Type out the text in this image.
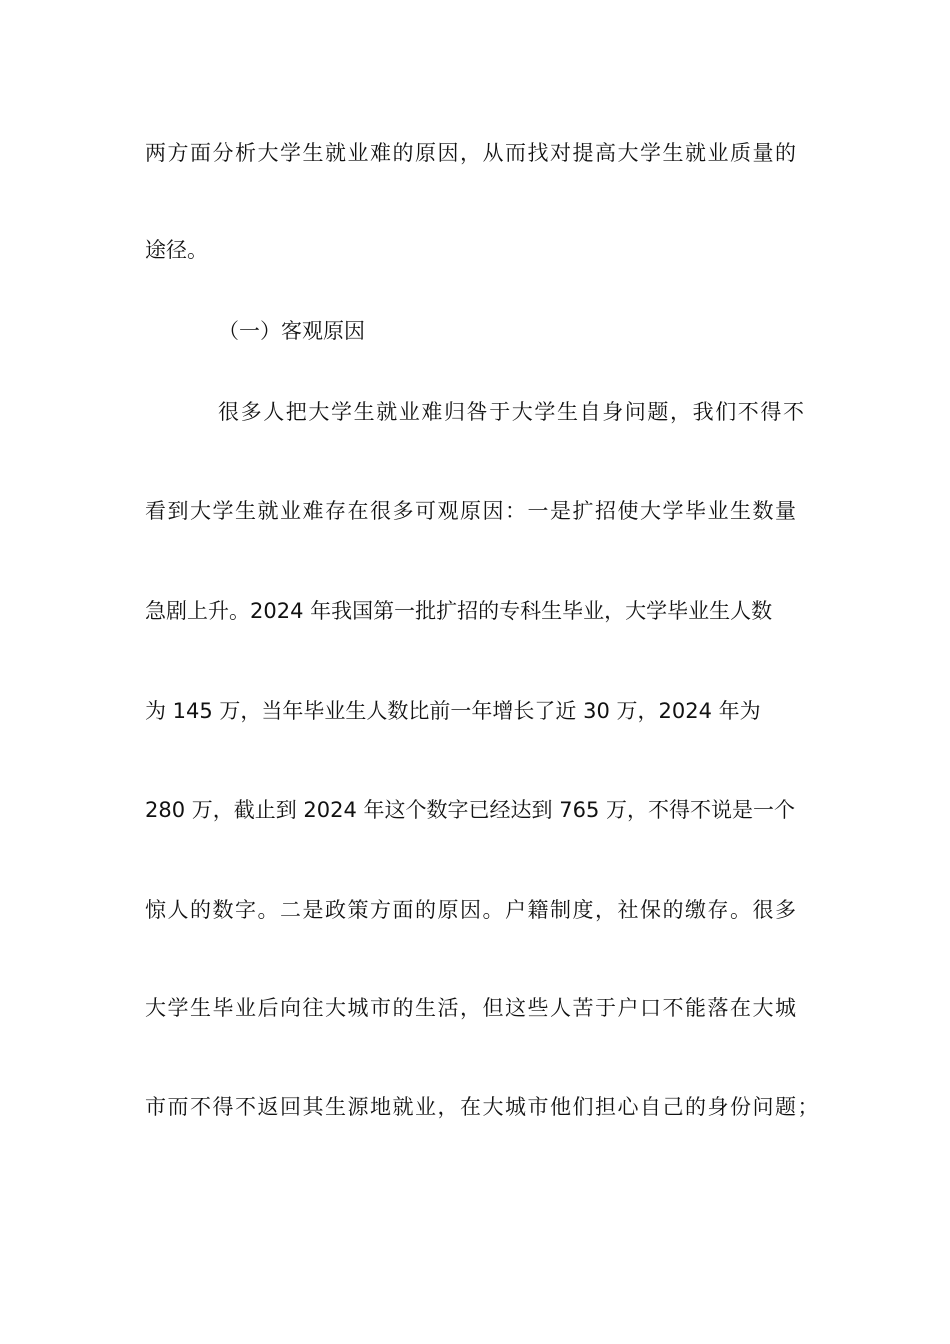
两方面分析大学生就业难的原因，从而找对提高大学生就业质量的
途径。
（一）客观原因
很多人把大学生就业难归咎于大学生自身问题，我们不得不
看到大学生就业难存在很多可观原因：一是扩招使大学毕业生数量
急剧上升。2024 年我国第一批扩招的专科生毕业，大学毕业生人数
为 145 万，当年毕业生人数比前一年增长了近 30 万，2024 年为
280 万，截止到 2024 年这个数字已经达到 765 万，不得不说是一个
惊人的数字。二是政策方面的原因。户籍制度，社保的缴存。很多
大学生毕业后向往大城市的生活，但这些人苦于户口不能落在大城
市而不得不返回其生源地就业，在大城市他们担心自己的身份问题；
